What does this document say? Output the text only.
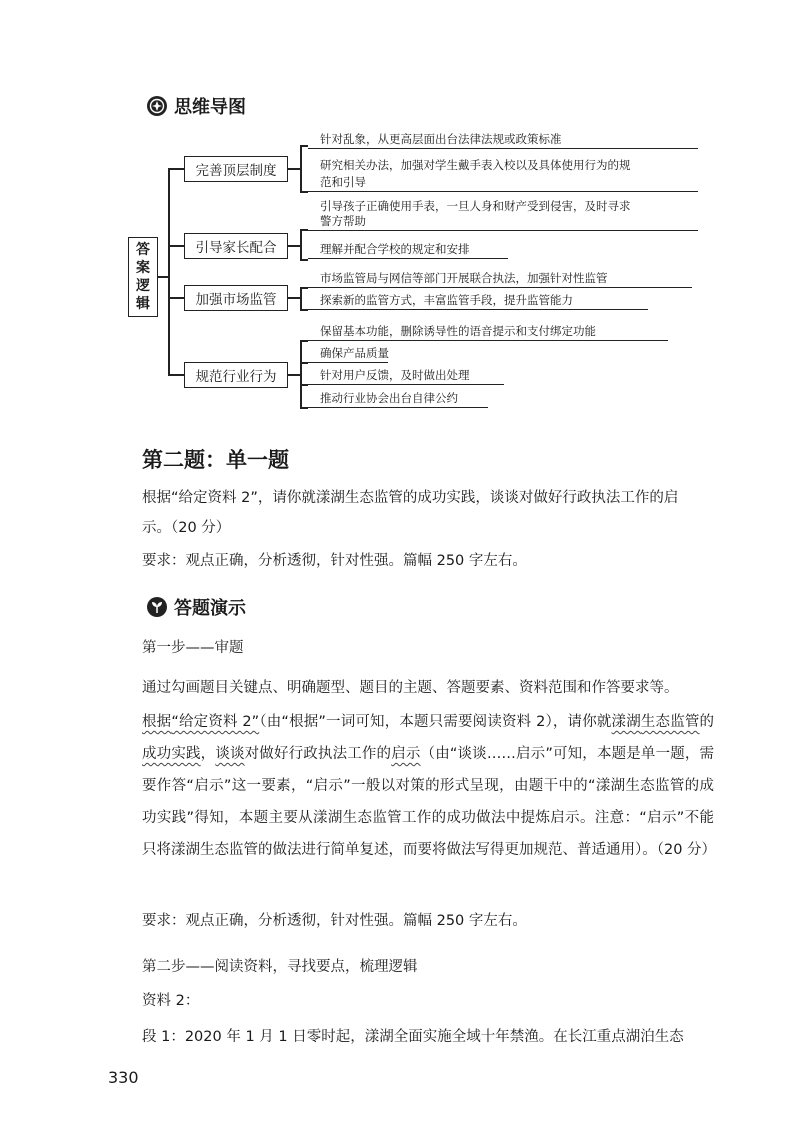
思维导图
答
案
逻
辑
完善顶层制度
引导家长配合
加强市场监管
规范行业行为
针对乱象，从更高层面出台法律法规或政策标准
研究相关办法，加强对学生戴手表入校以及具体使用行为的规
范和引导
引导孩子正确使用手表，一旦人身和财产受到侵害，及时寻求
警方帮助
理解并配合学校的规定和安排
市场监管局与网信等部门开展联合执法，加强针对性监管
探索新的监管方式，丰富监管手段，提升监管能力
保留基本功能，删除诱导性的语音提示和支付绑定功能
确保产品质量
针对用户反馈，及时做出处理
推动行业协会出台自律公约
第二题：单一题
根据“给定资料 2”，请你就漾湖生态监管的成功实践，谈谈对做好行政执法工作的启
示。（20 分）
要求：观点正确，分析透彻，针对性强。篇幅 250 字左右。
答题演示
第一步——审题
通过勾画题目关键点、明确题型、题目的主题、答题要素、资料范围和作答要求等。
根据“给定资料 2”（由“根据”一词可知，本题只需要阅读资料 2），请你就漾湖生态监管的成功实践，谈谈对做好行政执法工作的启示（由“谈谈……启示”可知，本题是单一题，需要作答“启示”这一要素，“启示”一般以对策的形式呈现，由题干中的“漾湖生态监管的成功实践”得知，本题主要从漾湖生态监管工作的成功做法中提炼启示。注意：“启示”不能只将漾湖生态监管的做法进行简单复述，而要将做法写得更加规范、普适通用）。（20 分）
要求：观点正确，分析透彻，针对性强。篇幅 250 字左右。
第二步——阅读资料，寻找要点，梳理逻辑
资料 2：
段 1：2020 年 1 月 1 日零时起，漾湖全面实施全域十年禁渔。在长江重点湖泊生态
330
